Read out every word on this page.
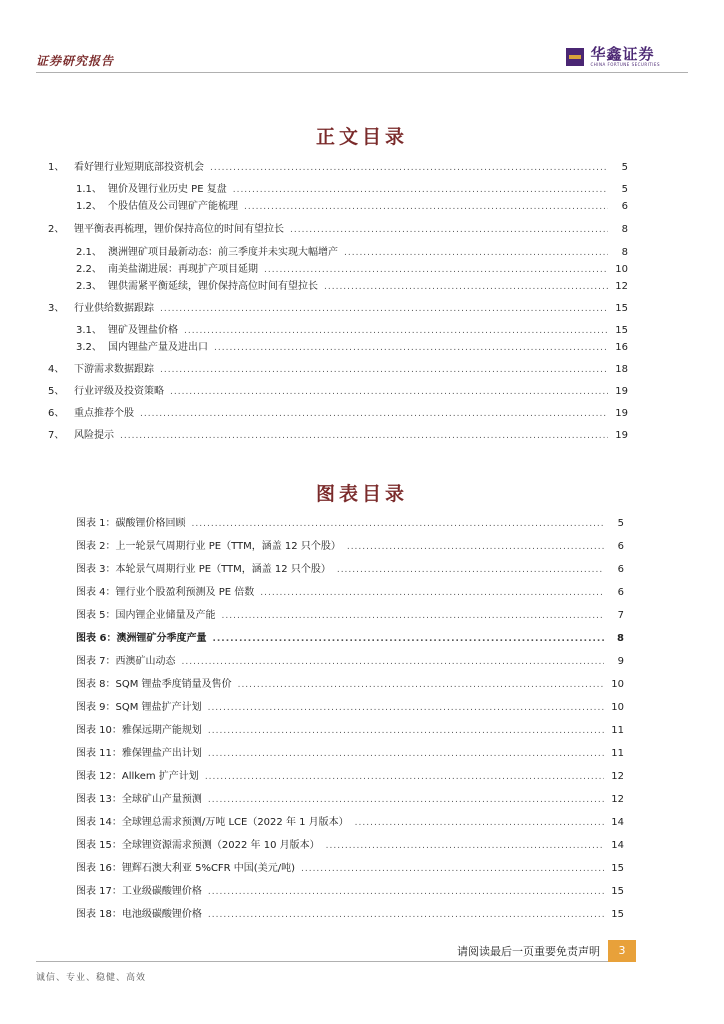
证券研究报告	华鑫证券
CHINA FORTUNE SECURITIES
正文目录
1、 看好锂行业短期底部投资机会 .....	5
1.1、 锂价及锂行业历史 PE 复盘 .....	5
1.2、 个股估值及公司锂矿产能梳理 .....	6
2、 锂平衡表再梳理，锂价保持高位的时间有望拉长 .....	8
2.1、 澳洲锂矿项目最新动态：前三季度并未实现大幅增产 .....	8
2.2、 南美盐湖进展：再现扩产项目延期 .....	10
2.3、 锂供需紧平衡延续，锂价保持高位时间有望拉长 .....	12
3、 行业供给数据跟踪 .....	15
3.1、 锂矿及锂盐价格 .....	15
3.2、 国内锂盐产量及进出口 .....	16
4、 下游需求数据跟踪 .....	18
5、 行业评级及投资策略 .....	19
6、 重点推荐个股 .....	19
7、 风险提示 .....	19
图表目录
图表 1：碳酸锂价格回顾 .....	5
图表 2：上一轮景气周期行业 PE（TTM，涵盖 12 只个股） .....	6
图表 3：本轮景气周期行业 PE（TTM，涵盖 12 只个股） .....	6
图表 4：锂行业个股盈利预测及 PE 倍数 .....	6
图表 5：国内锂企业储量及产能 .....	7
图表 6：澳洲锂矿分季度产量 .....	8
图表 7：西澳矿山动态 .....	9
图表 8：SQM 锂盐季度销量及售价 .....	10
图表 9：SQM 锂盐扩产计划 .....	10
图表 10：雅保远期产能规划 .....	11
图表 11：雅保锂盐产出计划 .....	11
图表 12：Allkem 扩产计划 .....	12
图表 13：全球矿山产量预测 .....	12
图表 14：全球锂总需求预测/万吨 LCE（2022 年 1 月版本） .....	14
图表 15：全球锂资源需求预测（2022 年 10 月版本） .....	14
图表 16：锂辉石澳大利亚 5%CFR 中国(美元/吨) .....	15
图表 17：工业级碳酸锂价格 .....	15
图表 18：电池级碳酸锂价格 .....	15
请阅读最后一页重要免责声明	3
诚信、专业、稳健、高效
